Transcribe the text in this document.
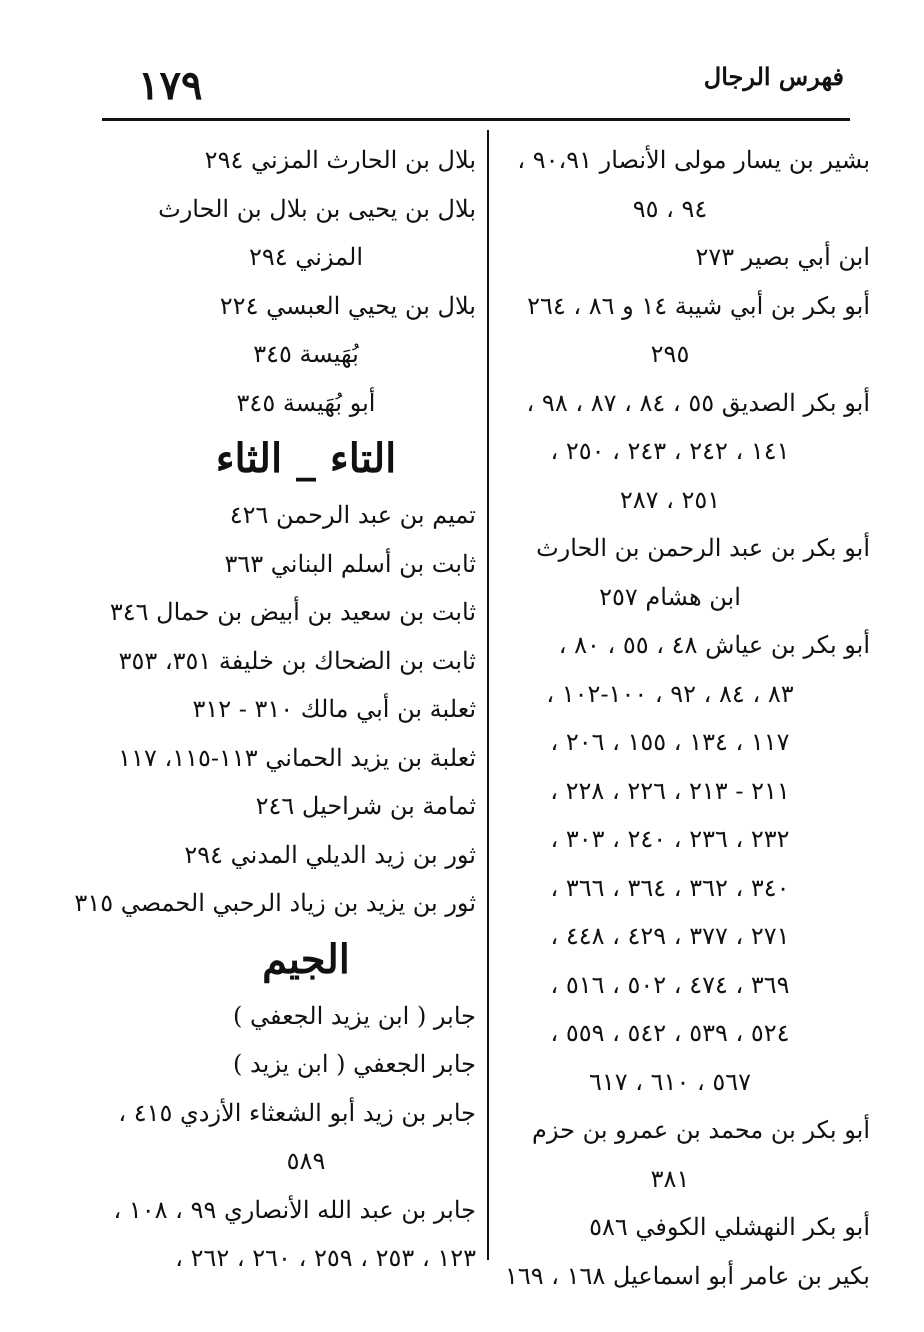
فهرس الرجال
١٧٩
بشير بن يسار مولى الأنصار ٩٠،٩١ ،
٩٤ ، ٩٥
ابن أبي بصير ٢٧٣
أبو بكر بن أبي شيبة ١٤ و ٨٦ ، ٢٦٤
٢٩٥
أبو بكر الصديق ٥٥ ، ٨٤ ، ٨٧ ، ٩٨ ،
١٤١ ، ٢٤٢ ، ٢٤٣ ، ٢٥٠ ،
٢٥١ ، ٢٨٧
أبو بكر بن عبد الرحمن بن الحارث
ابن هشام ٢٥٧
أبو بكر بن عياش ٤٨ ، ٥٥ ، ٨٠ ،
٨٣ ، ٨٤ ، ٩٢ ، ١٠٠-١٠٢ ،
١١٧ ، ١٣٤ ، ١٥٥ ، ٢٠٦ ،
٢١١ - ٢١٣ ، ٢٢٦ ، ٢٢٨ ،
٢٣٢ ، ٢٣٦ ، ٢٤٠ ، ٣٠٣ ،
٣٤٠ ، ٣٦٢ ، ٣٦٤ ، ٣٦٦ ،
٢٧١ ، ٣٧٧ ، ٤٢٩ ، ٤٤٨ ،
٣٦٩ ، ٤٧٤ ، ٥٠٢ ، ٥١٦ ،
٥٢٤ ، ٥٣٩ ، ٥٤٢ ، ٥٥٩ ،
٥٦٧ ، ٦١٠ ، ٦١٧
أبو بكر بن محمد بن عمرو بن حزم
٣٨١
أبو بكر النهشلي الكوفي ٥٨٦
بكير بن عامر أبو اسماعيل ١٦٨ ، ١٦٩
بلال بن الحارث المزني ٢٩٤
بلال بن يحيى بن بلال بن الحارث
المزني ٢٩٤
بلال بن يحيي العبسي ٢٢٤
بُهَيسة ٣٤٥
أبو بُهَيسة ٣٤٥
التاء _ الثاء
تميم بن عبد الرحمن ٤٢٦
ثابت بن أسلم البناني ٣٦٣
ثابت بن سعيد بن أبيض بن حمال ٣٤٦
ثابت بن الضحاك بن خليفة ٣٥١، ٣٥٣
ثعلبة بن أبي مالك ٣١٠ - ٣١٢
ثعلبة بن يزيد الحماني ١١٣-١١٥، ١١٧
ثمامة بن شراحيل ٢٤٦
ثور بن زيد الديلي المدني ٢٩٤
ثور بن يزيد بن زياد الرحبي الحمصي ٣١٥
الجيم
جابر ( ابن يزيد الجعفي )
جابر الجعفي ( ابن يزيد )
جابر بن زيد أبو الشعثاء الأزدي ٤١٥ ،
٥٨٩
جابر بن عبد الله الأنصاري ٩٩ ، ١٠٨ ،
١٢٣ ، ٢٥٣ ، ٢٥٩ ، ٢٦٠ ، ٢٦٢ ،
